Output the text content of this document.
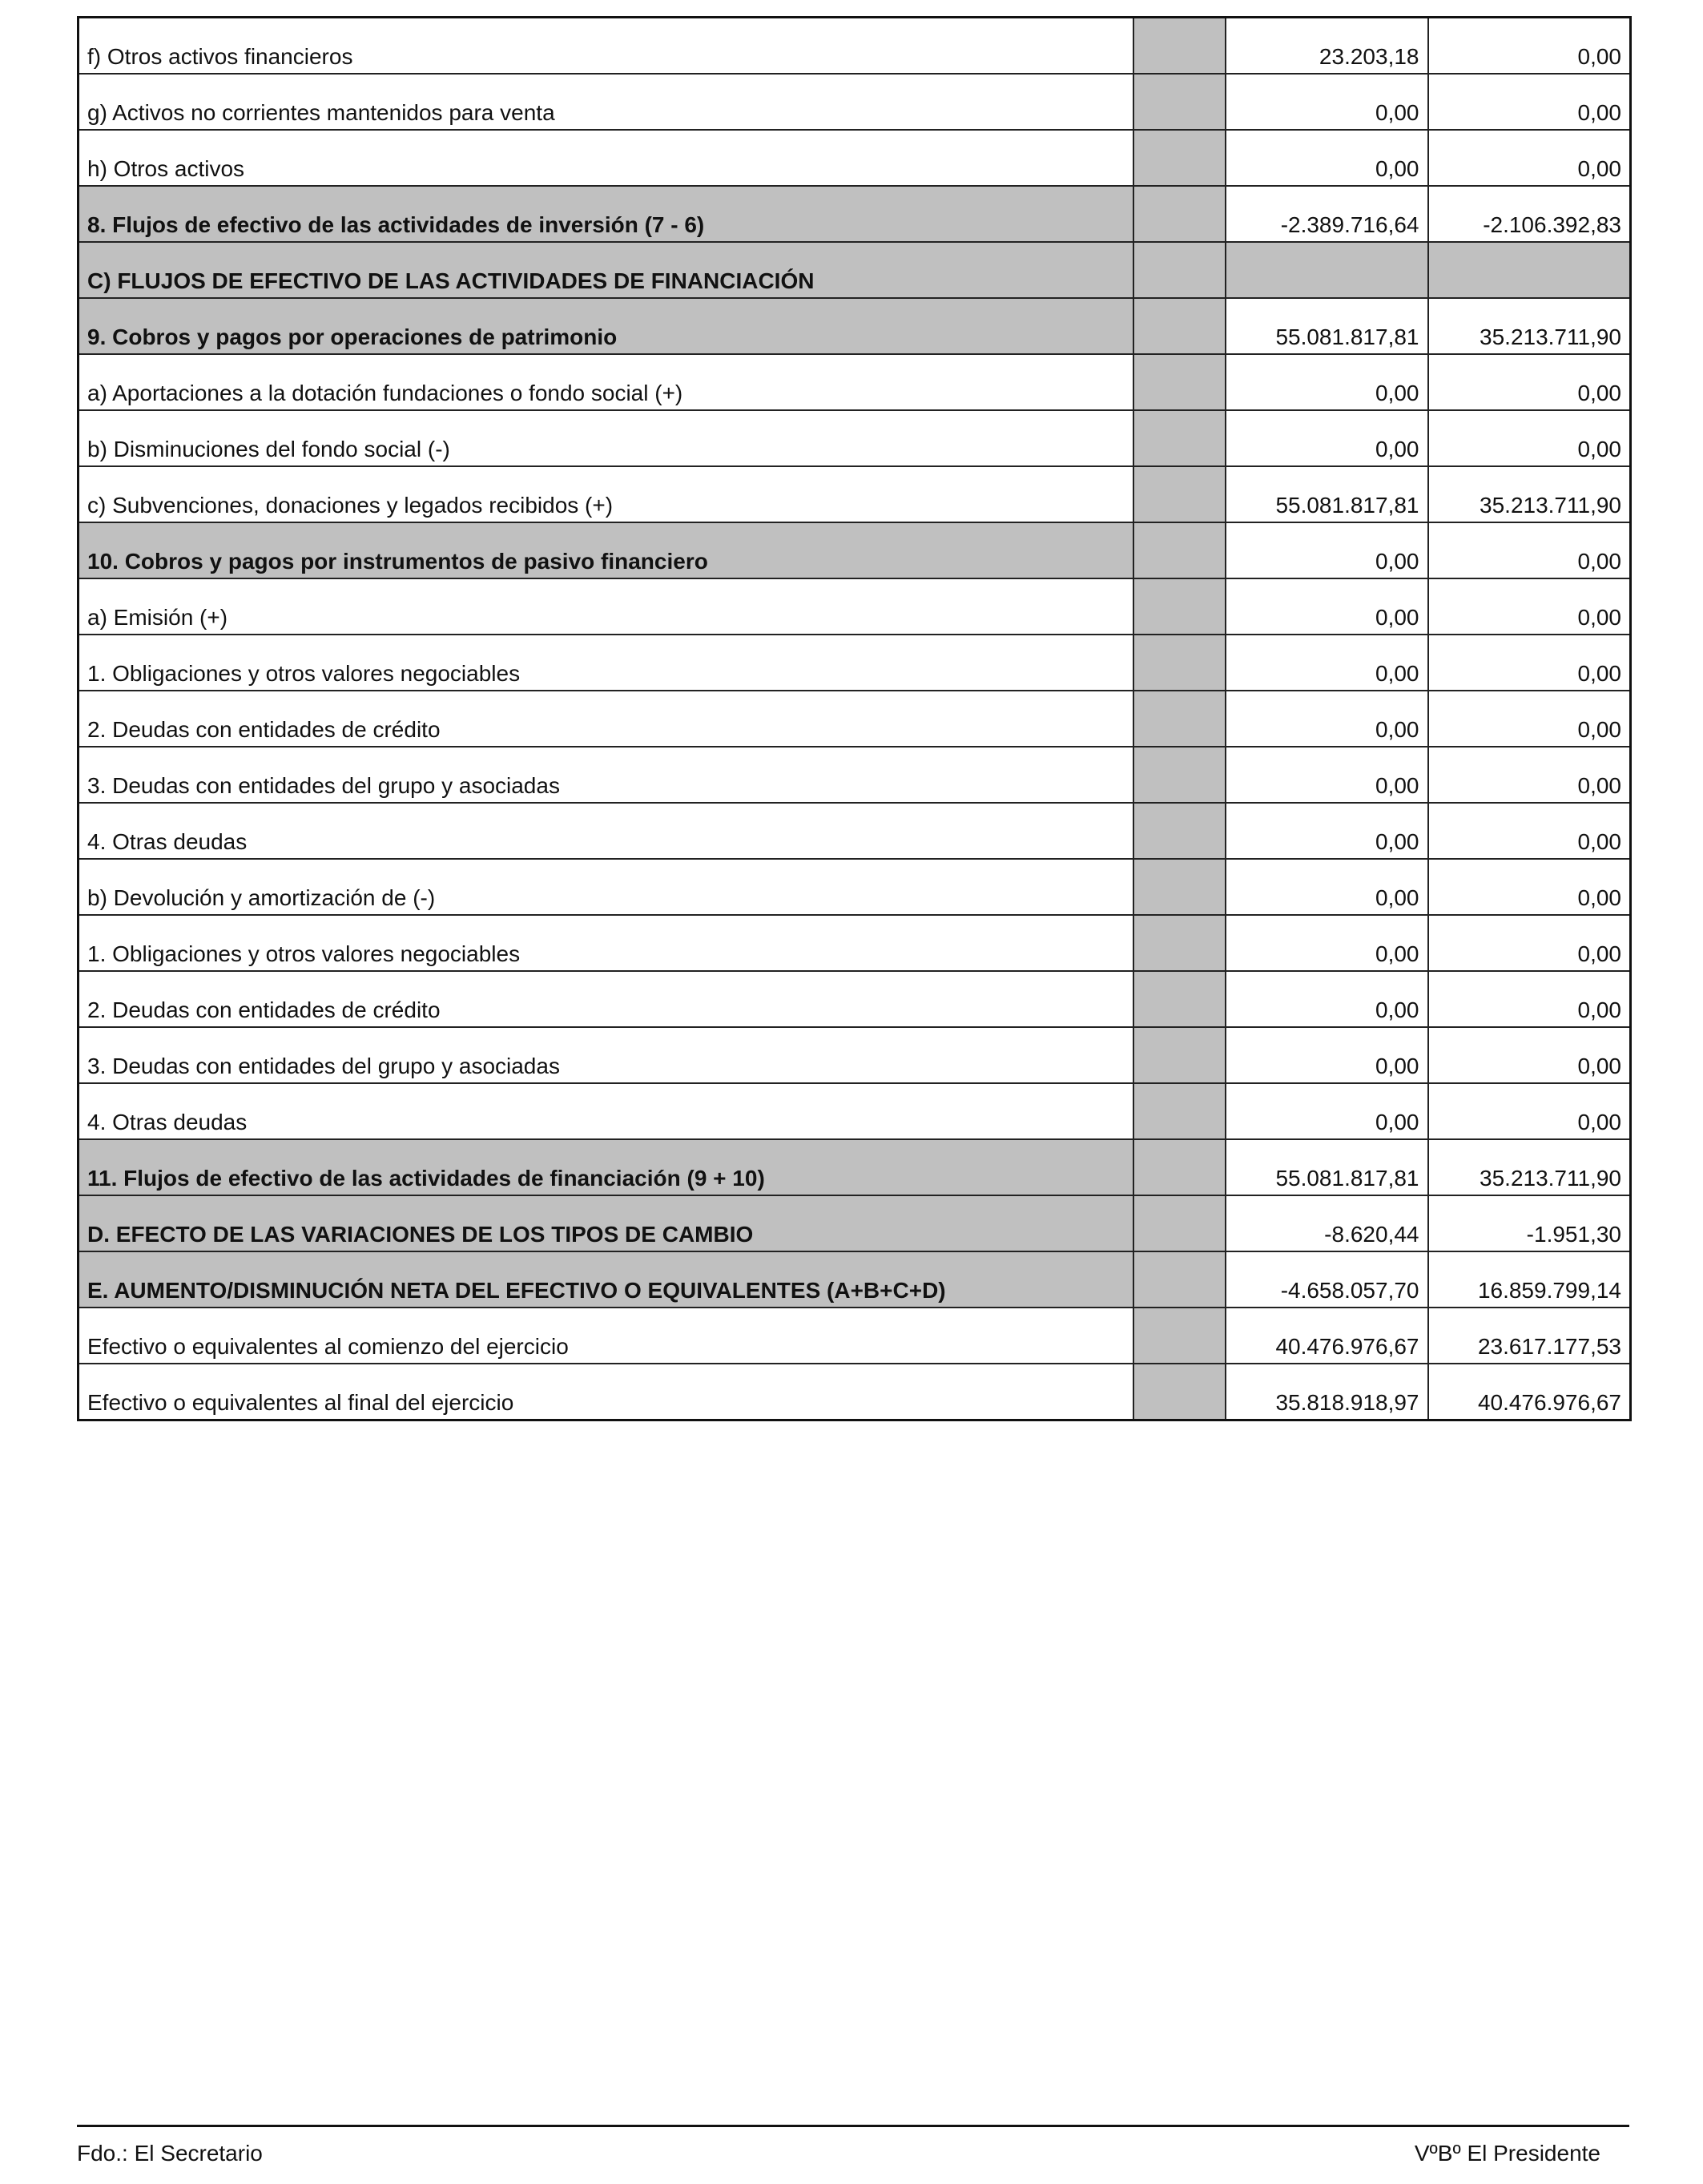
f) Otros activos financieros		23.203,18	0,00
g) Activos no corrientes mantenidos para venta		0,00	0,00
h) Otros activos		0,00	0,00
8. Flujos de efectivo de las actividades de inversión (7 - 6)		-2.389.716,64	-2.106.392,83
C) FLUJOS DE EFECTIVO DE LAS ACTIVIDADES DE FINANCIACIÓN			
9. Cobros y pagos por operaciones de patrimonio		55.081.817,81	35.213.711,90
a) Aportaciones a la dotación fundaciones o fondo social (+)		0,00	0,00
b) Disminuciones del fondo social (-)		0,00	0,00
c) Subvenciones, donaciones y legados recibidos (+)		55.081.817,81	35.213.711,90
10. Cobros y pagos por instrumentos de pasivo financiero		0,00	0,00
a) Emisión (+)		0,00	0,00
1. Obligaciones y otros valores negociables		0,00	0,00
2. Deudas con entidades de crédito		0,00	0,00
3. Deudas con entidades del grupo y asociadas		0,00	0,00
4. Otras deudas		0,00	0,00
b) Devolución y amortización de (-)		0,00	0,00
1. Obligaciones y otros valores negociables		0,00	0,00
2. Deudas con entidades de crédito		0,00	0,00
3. Deudas con entidades del grupo y asociadas		0,00	0,00
4. Otras deudas		0,00	0,00
11. Flujos de efectivo de las actividades de financiación (9 + 10)		55.081.817,81	35.213.711,90
D. EFECTO DE LAS VARIACIONES DE LOS TIPOS DE CAMBIO		-8.620,44	-1.951,30
E. AUMENTO/DISMINUCIÓN NETA DEL EFECTIVO O EQUIVALENTES (A+B+C+D)		-4.658.057,70	16.859.799,14
Efectivo o equivalentes al comienzo del ejercicio		40.476.976,67	23.617.177,53
Efectivo o equivalentes al final del ejercicio		35.818.918,97	40.476.976,67
Fdo.: El Secretario	VºBº El Presidente
